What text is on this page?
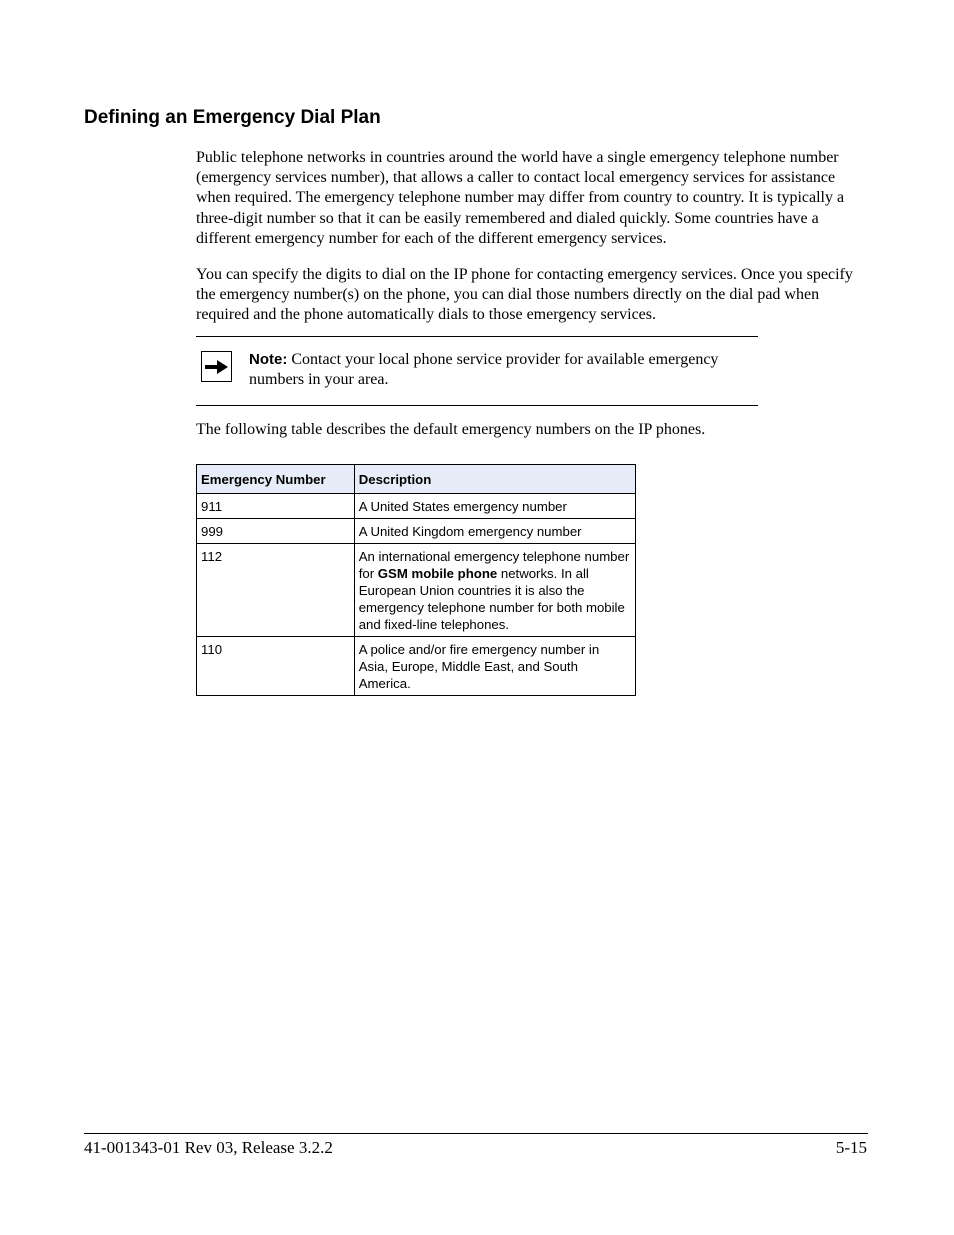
Defining an Emergency Dial Plan

Public telephone networks in countries around the world have a single emergency telephone number (emergency services number), that allows a caller to contact local emergency services for assistance when required. The emergency telephone number may differ from country to country. It is typically a three-digit number so that it can be easily remembered and dialed quickly. Some countries have a different emergency number for each of the different emergency services.

You can specify the digits to dial on the IP phone for contacting emergency services. Once you specify the emergency number(s) on the phone, you can dial those numbers directly on the dial pad when required and the phone automatically dials to those emergency services.

Note: Contact your local phone service provider for available emergency numbers in your area.

The following table describes the default emergency numbers on the IP phones.

Emergency Number	Description
911	A United States emergency number
999	A United Kingdom emergency number
112	An international emergency telephone number for GSM mobile phone networks. In all European Union countries it is also the emergency telephone number for both mobile and fixed-line telephones.
110	A police and/or fire emergency number in Asia, Europe, Middle East, and South America.

41-001343-01 Rev 03, Release 3.2.2	5-15
